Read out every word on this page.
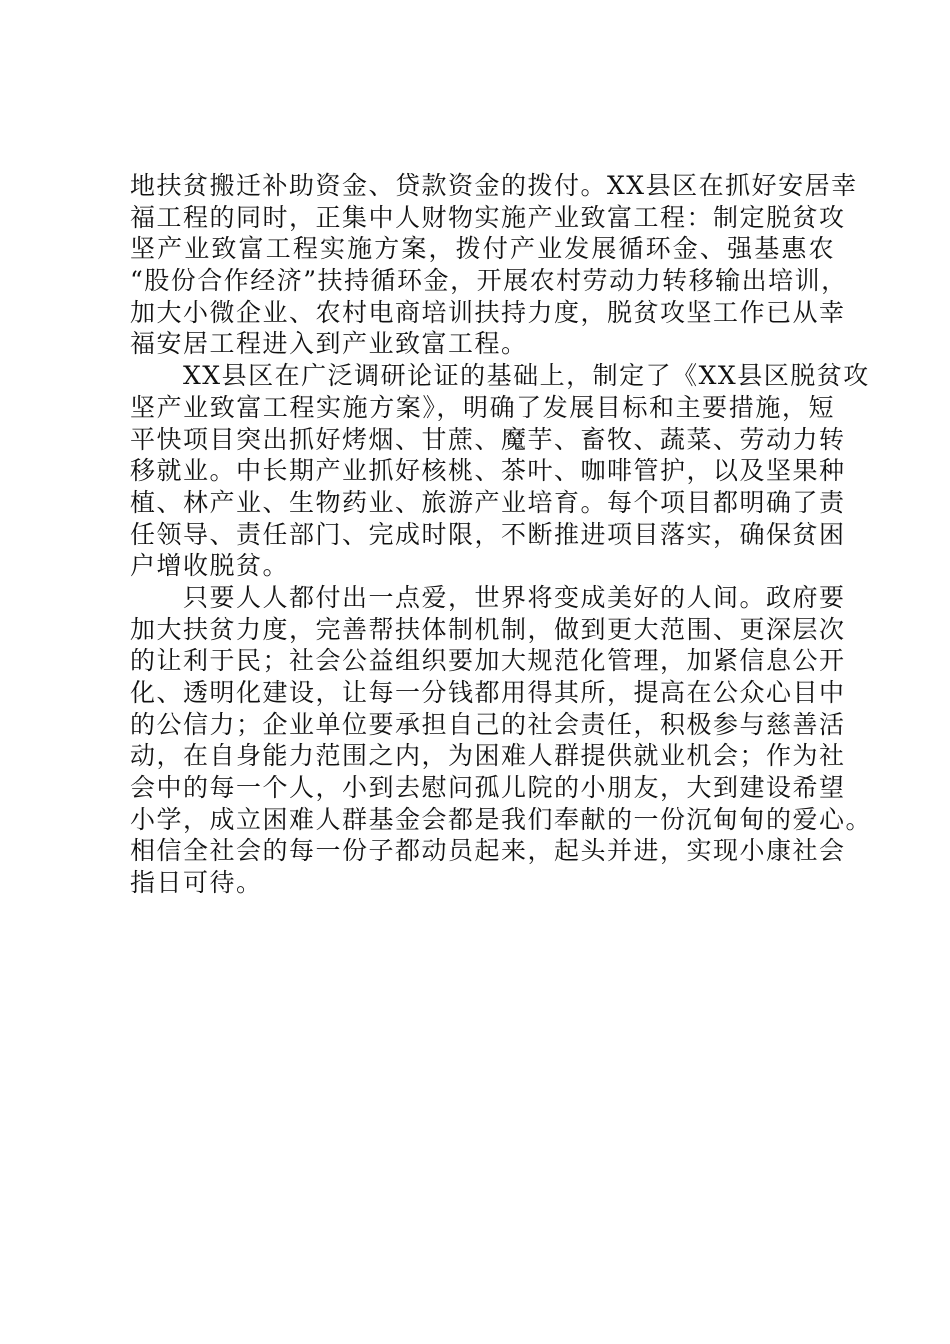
地扶贫搬迁补助资金、贷款资金的拨付。XX县区在抓好安居幸
福工程的同时，正集中人财物实施产业致富工程：制定脱贫攻
坚产业致富工程实施方案，拨付产业发展循环金、强基惠农
“股份合作经济”扶持循环金，开展农村劳动力转移输出培训，
加大小微企业、农村电商培训扶持力度，脱贫攻坚工作已从幸
福安居工程进入到产业致富工程。
　　XX县区在广泛调研论证的基础上，制定了《XX县区脱贫攻
坚产业致富工程实施方案》，明确了发展目标和主要措施，短
平快项目突出抓好烤烟、甘蔗、魔芋、畜牧、蔬菜、劳动力转
移就业。中长期产业抓好核桃、茶叶、咖啡管护，以及坚果种
植、林产业、生物药业、旅游产业培育。每个项目都明确了责
任领导、责任部门、完成时限，不断推进项目落实，确保贫困
户增收脱贫。
　　只要人人都付出一点爱，世界将变成美好的人间。政府要
加大扶贫力度，完善帮扶体制机制，做到更大范围、更深层次
的让利于民；社会公益组织要加大规范化管理，加紧信息公开
化、透明化建设，让每一分钱都用得其所，提高在公众心目中
的公信力；企业单位要承担自己的社会责任，积极参与慈善活
动，在自身能力范围之内，为困难人群提供就业机会；作为社
会中的每一个人，小到去慰问孤儿院的小朋友，大到建设希望
小学，成立困难人群基金会都是我们奉献的一份沉甸甸的爱心。
相信全社会的每一份子都动员起来，起头并进，实现小康社会
指日可待。
